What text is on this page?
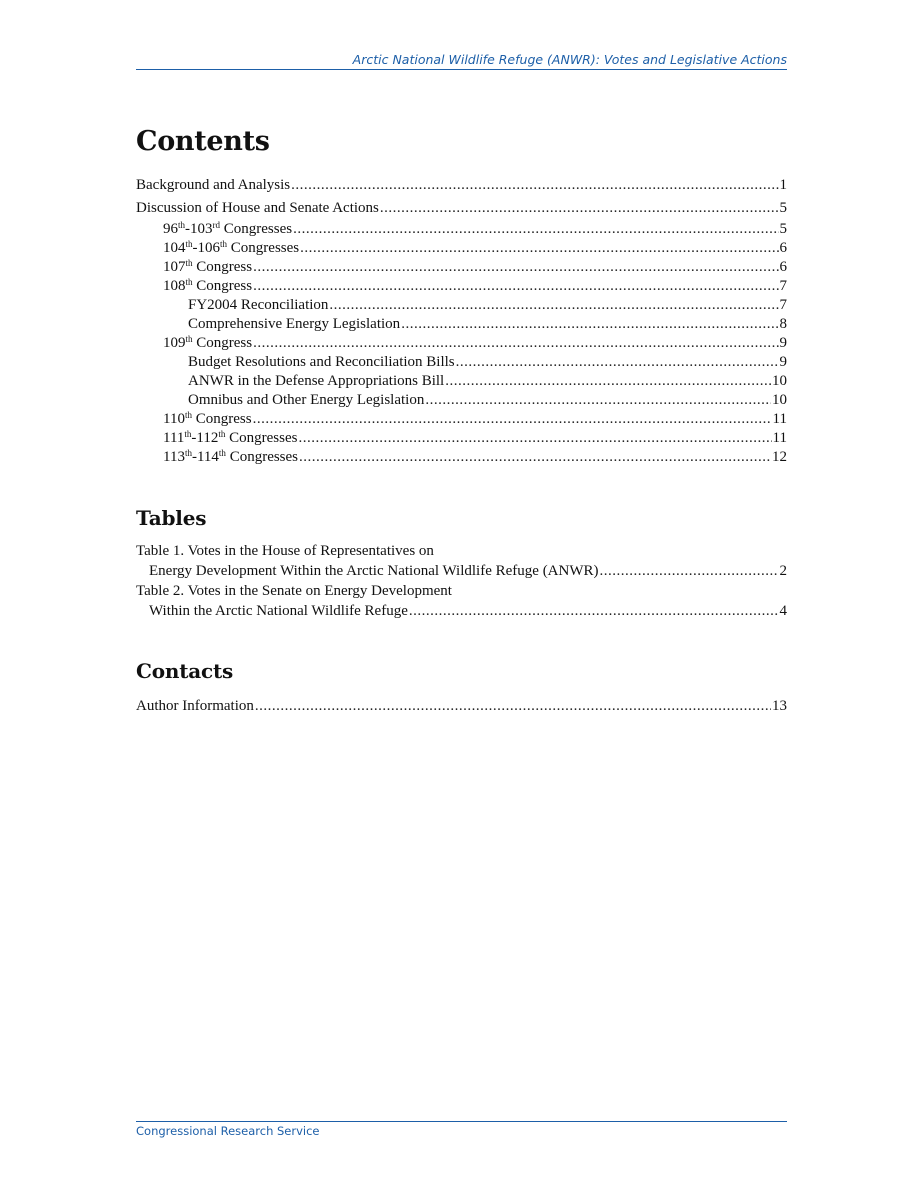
Arctic National Wildlife Refuge (ANWR): Votes and Legislative Actions
Contents
Background and Analysis .....	1
Discussion of House and Senate Actions .....	5
96th-103rd Congresses .....	5
104th-106th Congresses .....	6
107th Congress .....	6
108th Congress .....	7
FY2004 Reconciliation .....	7
Comprehensive Energy Legislation .....	8
109th Congress .....	9
Budget Resolutions and Reconciliation Bills .....	9
ANWR in the Defense Appropriations Bill .....	10
Omnibus and Other Energy Legislation .....	10
110th Congress .....	11
111th-112th Congresses .....	11
113th-114th Congresses .....	12
Tables
Table 1. Votes in the House of Representatives on
Energy Development Within the Arctic National Wildlife Refuge (ANWR) .....	2
Table 2. Votes in the Senate on Energy Development
Within the Arctic National Wildlife Refuge .....	4
Contacts
Author Information .....	13
Congressional Research Service
